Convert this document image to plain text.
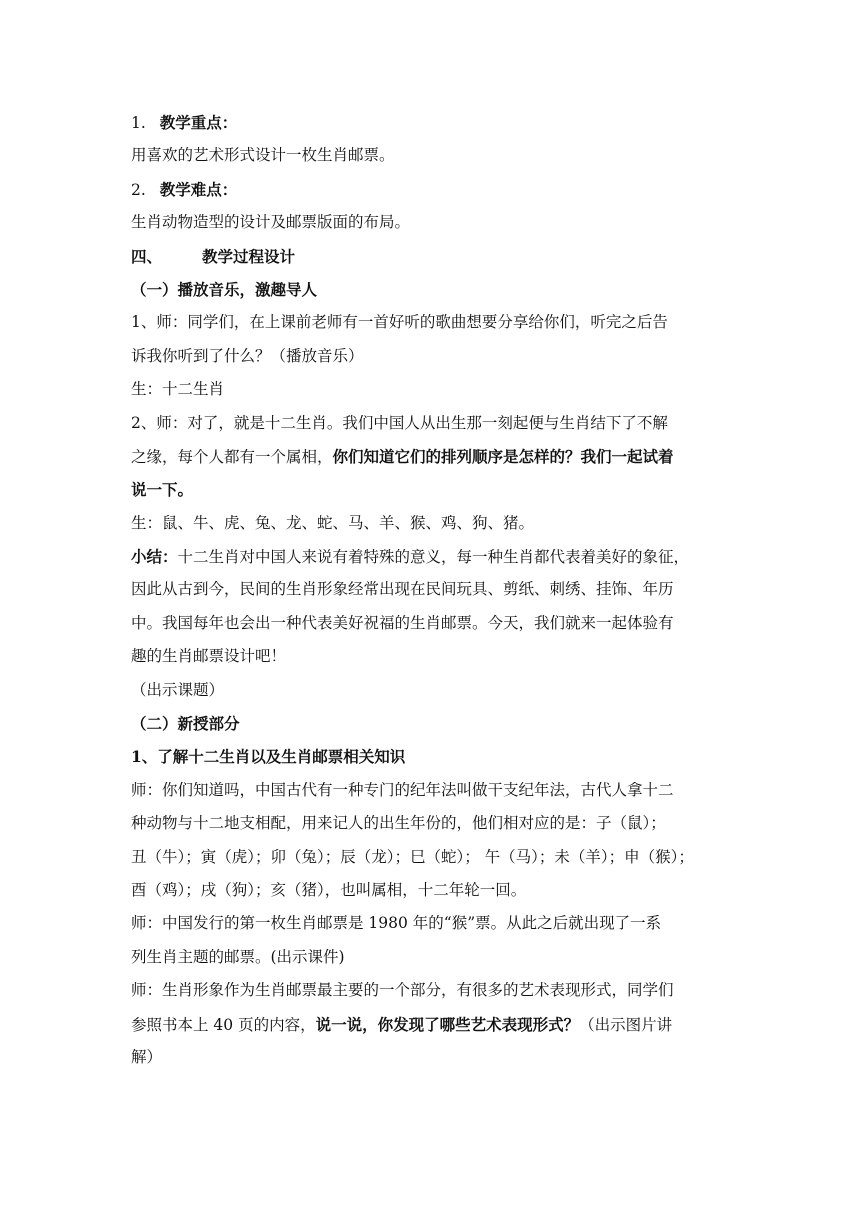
1. 教学重点：
用喜欢的艺术形式设计一枚生肖邮票。
2. 教学难点：
生肖动物造型的设计及邮票版面的布局。
四、	教学过程设计
（一）播放音乐，激趣导人
1、师：同学们，在上课前老师有一首好听的歌曲想要分享给你们，听完之后告
诉我你听到了什么？（播放音乐）
生：十二生肖
2、师：对了，就是十二生肖。我们中国人从出生那一刻起便与生肖结下了不解
之缘，每个人都有一个属相，你们知道它们的排列顺序是怎样的？我们一起试着
说一下。
生：鼠、牛、虎、兔、龙、蛇、马、羊、猴、鸡、狗、猪。
小结：十二生肖对中国人来说有着特殊的意义，每一种生肖都代表着美好的象征，
因此从古到今，民间的生肖形象经常出现在民间玩具、剪纸、刺绣、挂饰、年历
中。我国每年也会出一种代表美好祝福的生肖邮票。今天，我们就来一起体验有
趣的生肖邮票设计吧！
（出示课题）
（二）新授部分
1、了解十二生肖以及生肖邮票相关知识
师：你们知道吗，中国古代有一种专门的纪年法叫做干支纪年法，古代人拿十二
种动物与十二地支相配，用来记人的出生年份的，他们相对应的是：子（鼠）；
丑（牛）；寅（虎）；卯（兔）；辰（龙）；巳（蛇）； 午（马）；未（羊）；申（猴）；
酉（鸡）；戌（狗）；亥（猪），也叫属相，十二年轮一回。
师：中国发行的第一枚生肖邮票是 1980 年的“猴”票。从此之后就出现了一系
列生肖主题的邮票。(出示课件)
师：生肖形象作为生肖邮票最主要的一个部分，有很多的艺术表现形式，同学们
参照书本上 40 页的内容，说一说，你发现了哪些艺术表现形式？（出示图片讲
解）
